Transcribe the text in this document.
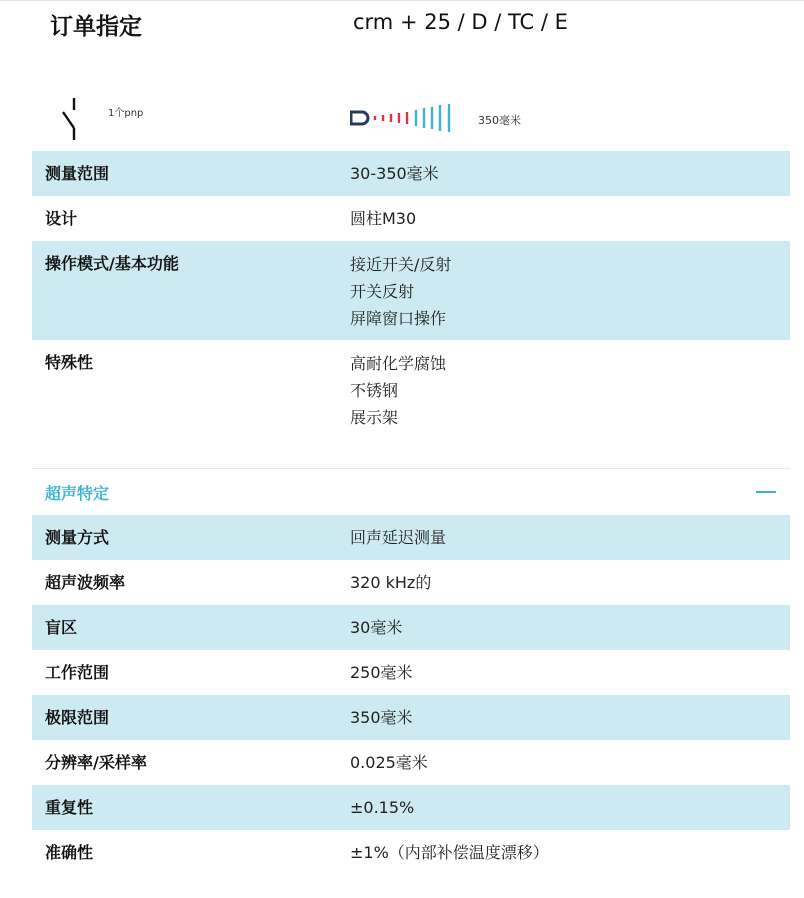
订单指定	crm + 25 / D / TC / E
1个pnp
350毫米
测量范围	30-350毫米
设计	圆柱M30
操作模式/基本功能	接近开关/反射
开关反射
屏障窗口操作
特殊性	高耐化学腐蚀
不锈钢
展示架
超声特定
测量方式	回声延迟测量
超声波频率	320 kHz的
盲区	30毫米
工作范围	250毫米
极限范围	350毫米
分辨率/采样率	0.025毫米
重复性	±0.15%
准确性	±1%（内部补偿温度漂移）
